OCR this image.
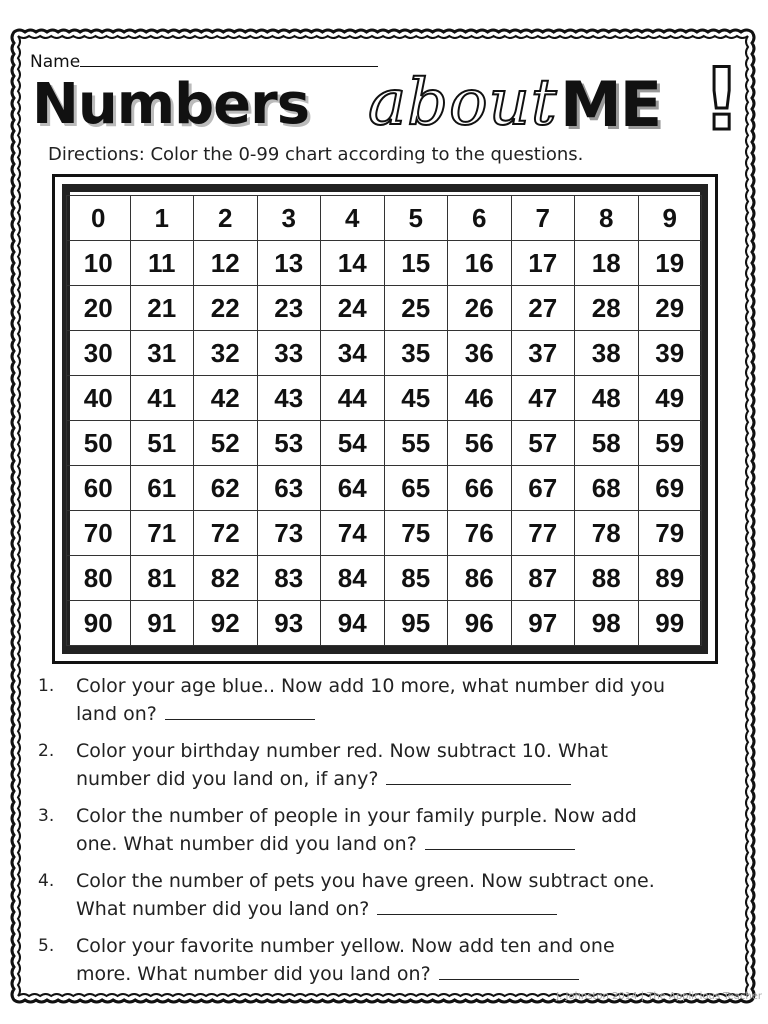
Name
Numbers about ME !
Directions: Color the 0-99 chart according to the questions.
0	1	2	3	4	5	6	7	8	9
10	11	12	13	14	15	16	17	18	19
20	21	22	23	24	25	26	27	28	29
30	31	32	33	34	35	36	37	38	39
40	41	42	43	44	45	46	47	48	49
50	51	52	53	54	55	56	57	58	59
60	61	62	63	64	65	66	67	68	69
70	71	72	73	74	75	76	77	78	79
80	81	82	83	84	85	86	87	88	89
90	91	92	93	94	95	96	97	98	99
1.	Color your age blue.. Now add 10 more, what number did you
land on?
2.	Color your birthday number red. Now subtract 10. What
number did you land on, if any?
3.	Color the number of people in your family purple. Now add
one. What number did you land on?
4.	Color the number of pets you have green. Now subtract one.
What number did you land on?
5.	Color your favorite number yellow. Now add ten and one
more. What number did you land on?
J. Johnston 2014 | The Applicious Teacher
